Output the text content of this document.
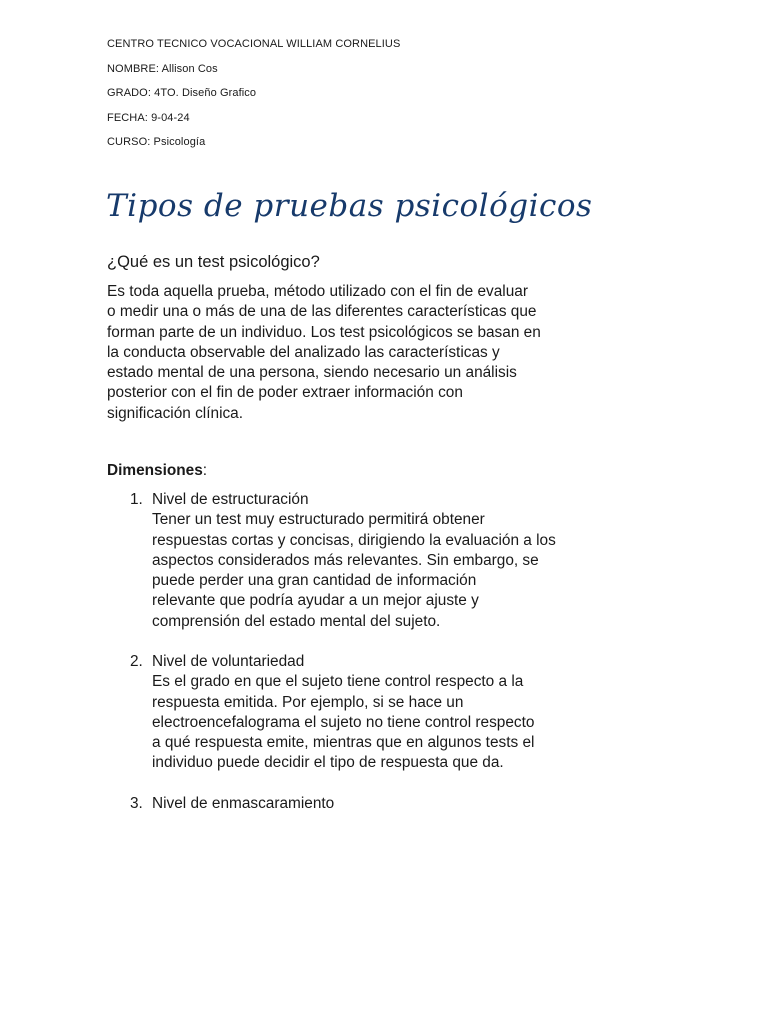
CENTRO TECNICO VOCACIONAL WILLIAM CORNELIUS
NOMBRE: Allison Cos
GRADO: 4TO. Diseño Grafico
FECHA: 9-04-24
CURSO: Psicología
Tipos de pruebas psicológicos
¿Qué es un test psicológico?
Es toda aquella prueba, método utilizado con el fin de evaluar
o medir una o más de una de las diferentes características que
forman parte de un individuo. Los test psicológicos se basan en
la conducta observable del analizado las características y
estado mental de una persona, siendo necesario un análisis
posterior con el fin de poder extraer información con
significación clínica.
Dimensiones:
1. Nivel de estructuración
Tener un test muy estructurado permitirá obtener
respuestas cortas y concisas, dirigiendo la evaluación a los
aspectos considerados más relevantes. Sin embargo, se
puede perder una gran cantidad de información
relevante que podría ayudar a un mejor ajuste y
comprensión del estado mental del sujeto.
2. Nivel de voluntariedad
Es el grado en que el sujeto tiene control respecto a la
respuesta emitida. Por ejemplo, si se hace un
electroencefalograma el sujeto no tiene control respecto
a qué respuesta emite, mientras que en algunos tests el
individuo puede decidir el tipo de respuesta que da.
3. Nivel de enmascaramiento
